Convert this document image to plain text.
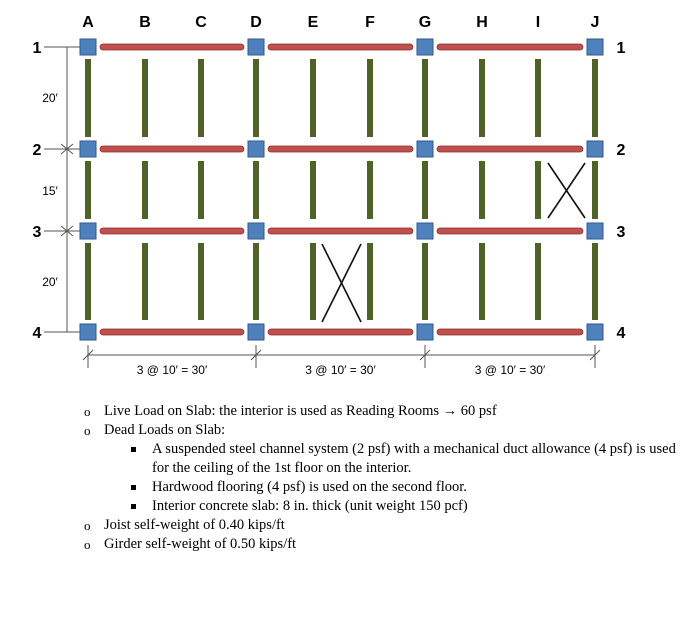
A	B	C	D	E	F	G	H	I	J
1	1
2	2
3	3
4	4
20′
15′
20′
3 @ 10′ = 30′	3 @ 10′ = 30′	3 @ 10′ = 30′
o Live Load on Slab: the interior is used as Reading Rooms → 60 psf
o Dead Loads on Slab:
A suspended steel channel system (2 psf) with a mechanical duct allowance (4 psf) is used for the ceiling of the 1st floor on the interior.
Hardwood flooring (4 psf) is used on the second floor.
Interior concrete slab: 8 in. thick (unit weight 150 pcf)
o Joist self-weight of 0.40 kips/ft
o Girder self-weight of 0.50 kips/ft
